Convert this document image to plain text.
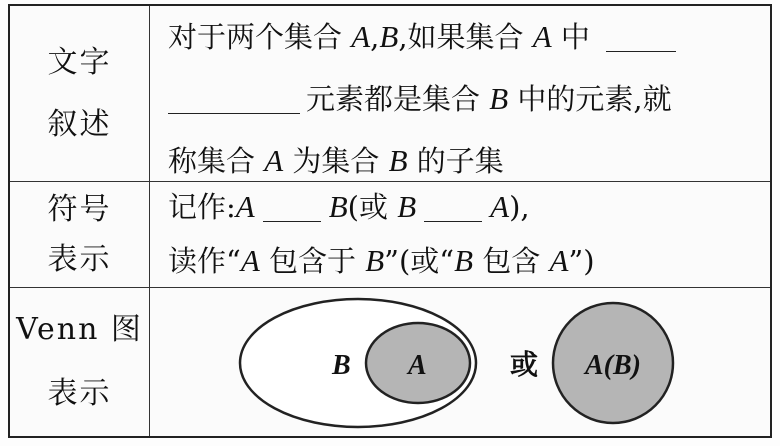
文字
叙述
对于两个集合 A,B,如果集合 A 中
元素都是集合 B 中的元素,就
称集合 A 为集合 B 的子集
符号
表示
记作:A B(或 B A),
读作“A 包含于 B”(或“B 包含 A”)
Venn 图
表示
B A	或 A(B)
